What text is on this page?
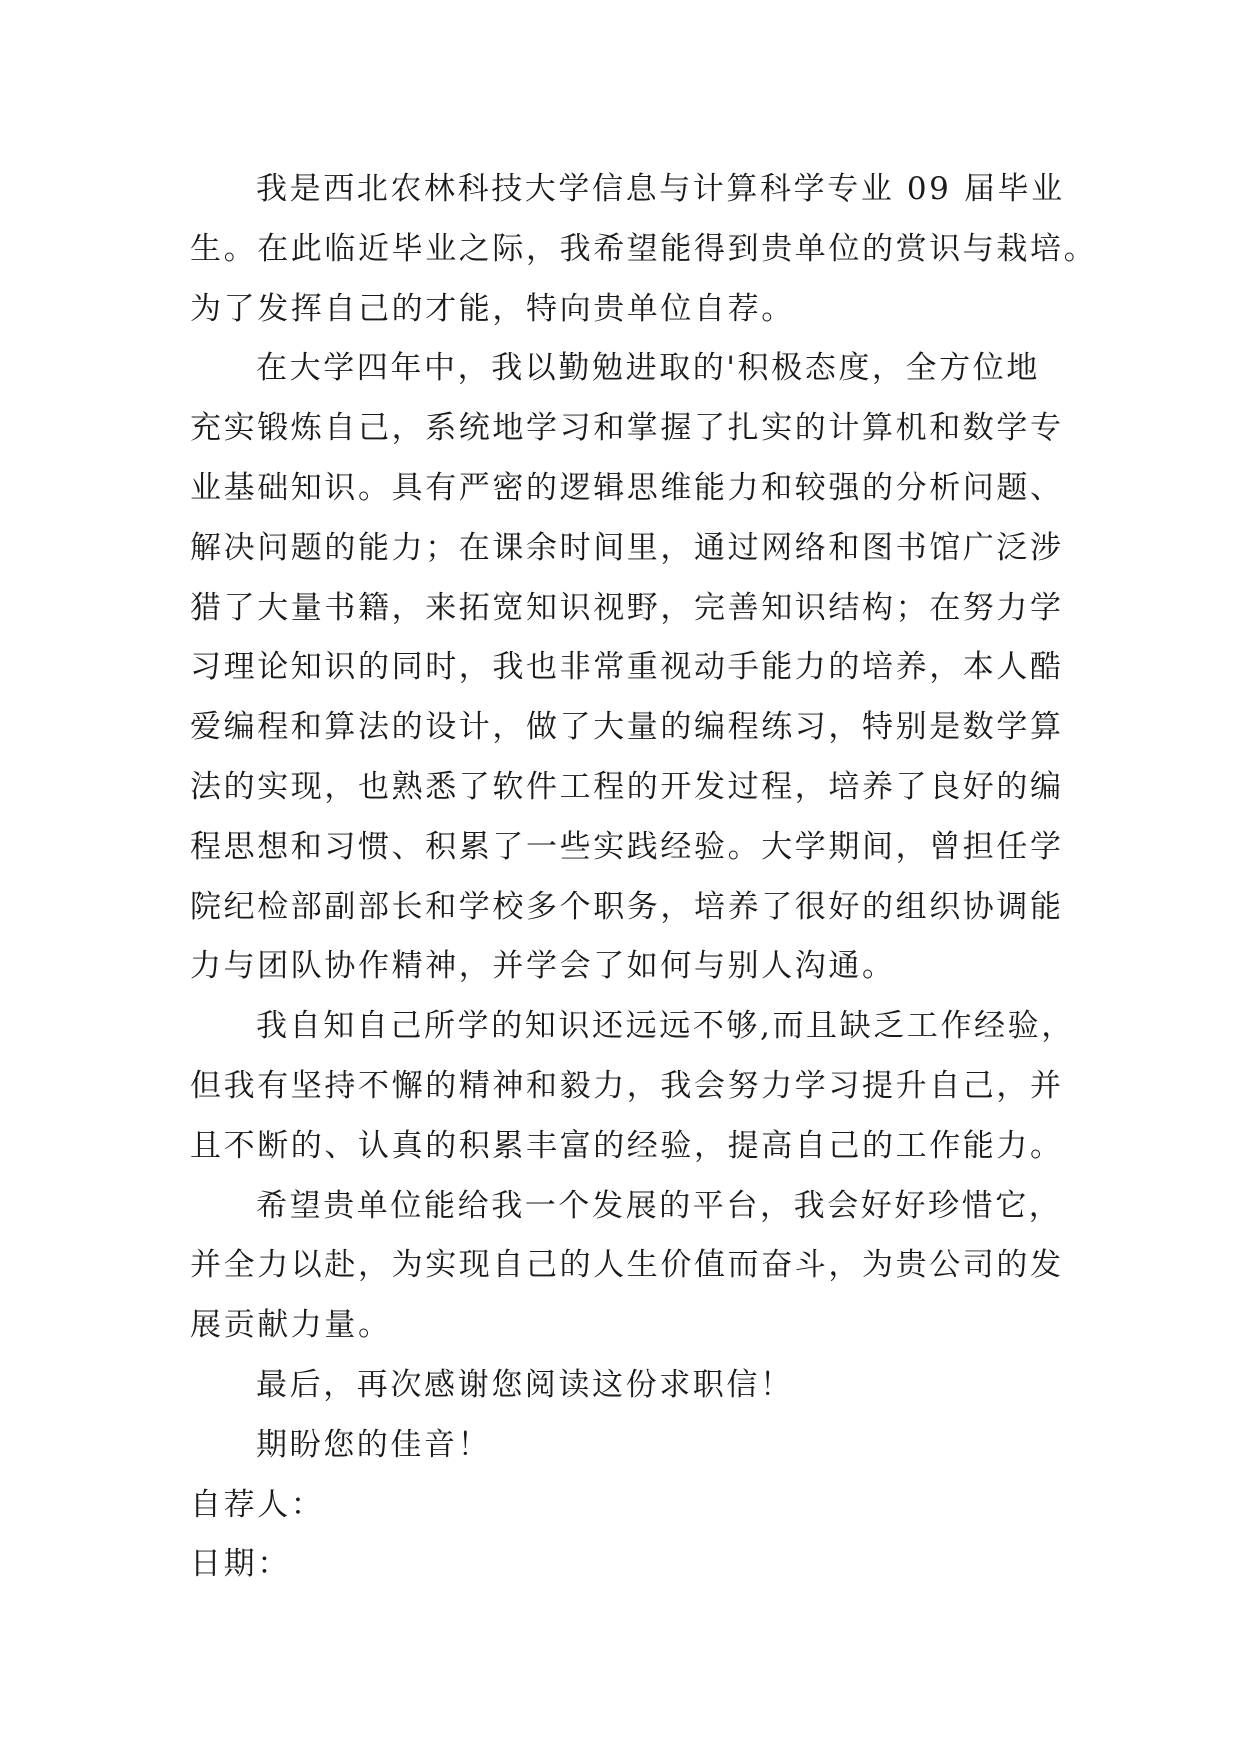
我是西北农林科技大学信息与计算科学专业 09 届毕业
生。在此临近毕业之际，我希望能得到贵单位的赏识与栽培。
为了发挥自己的才能，特向贵单位自荐。
在大学四年中，我以勤勉进取的'积极态度，全方位地
充实锻炼自己，系统地学习和掌握了扎实的计算机和数学专
业基础知识。具有严密的逻辑思维能力和较强的分析问题、
解决问题的能力；在课余时间里，通过网络和图书馆广泛涉
猎了大量书籍，来拓宽知识视野，完善知识结构；在努力学
习理论知识的同时，我也非常重视动手能力的培养，本人酷
爱编程和算法的设计，做了大量的编程练习，特别是数学算
法的实现，也熟悉了软件工程的开发过程，培养了良好的编
程思想和习惯、积累了一些实践经验。大学期间，曾担任学
院纪检部副部长和学校多个职务，培养了很好的组织协调能
力与团队协作精神，并学会了如何与别人沟通。
我自知自己所学的知识还远远不够,而且缺乏工作经验，
但我有坚持不懈的精神和毅力，我会努力学习提升自己，并
且不断的、认真的积累丰富的经验，提高自己的工作能力。
希望贵单位能给我一个发展的平台，我会好好珍惜它，
并全力以赴，为实现自己的人生价值而奋斗，为贵公司的发
展贡献力量。
最后，再次感谢您阅读这份求职信！
期盼您的佳音！
自荐人：
日期：
